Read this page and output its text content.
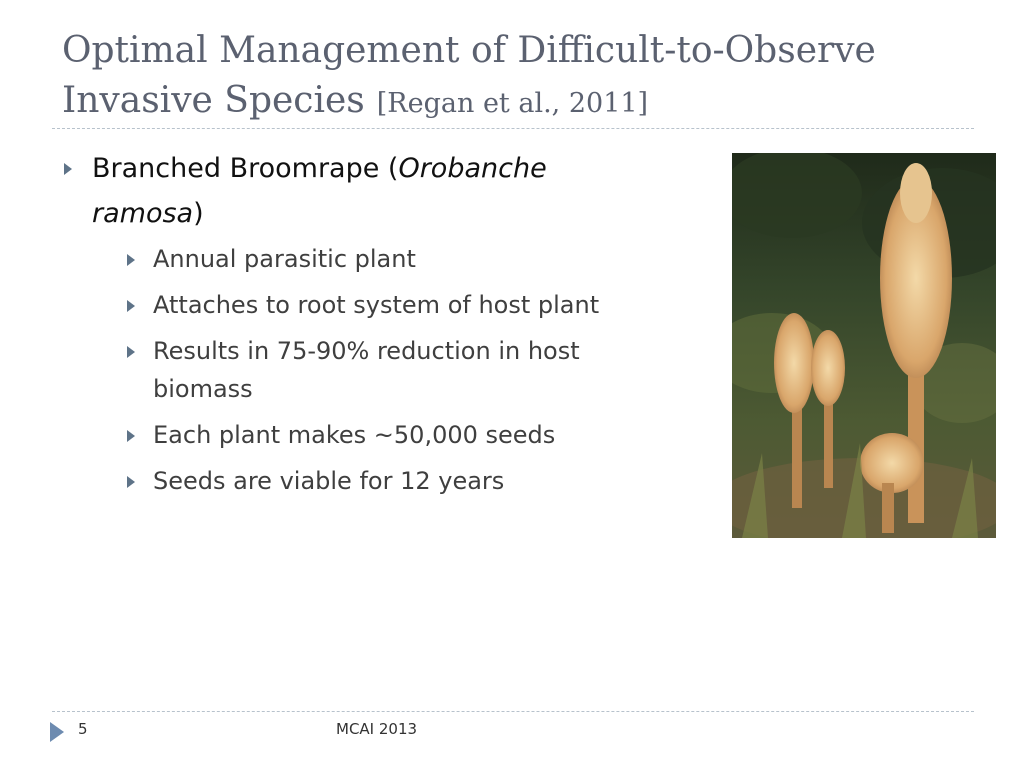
Optimal Management of Difficult-to-Observe
Invasive Species [Regan et al., 2011]
Branched Broomrape (Orobanche
ramosa)
Annual parasitic plant
Attaches to root system of host plant
Results in 75-90% reduction in host biomass
Each plant makes ~50,000 seeds
Seeds are viable for 12 years
5	MCAI 2013
